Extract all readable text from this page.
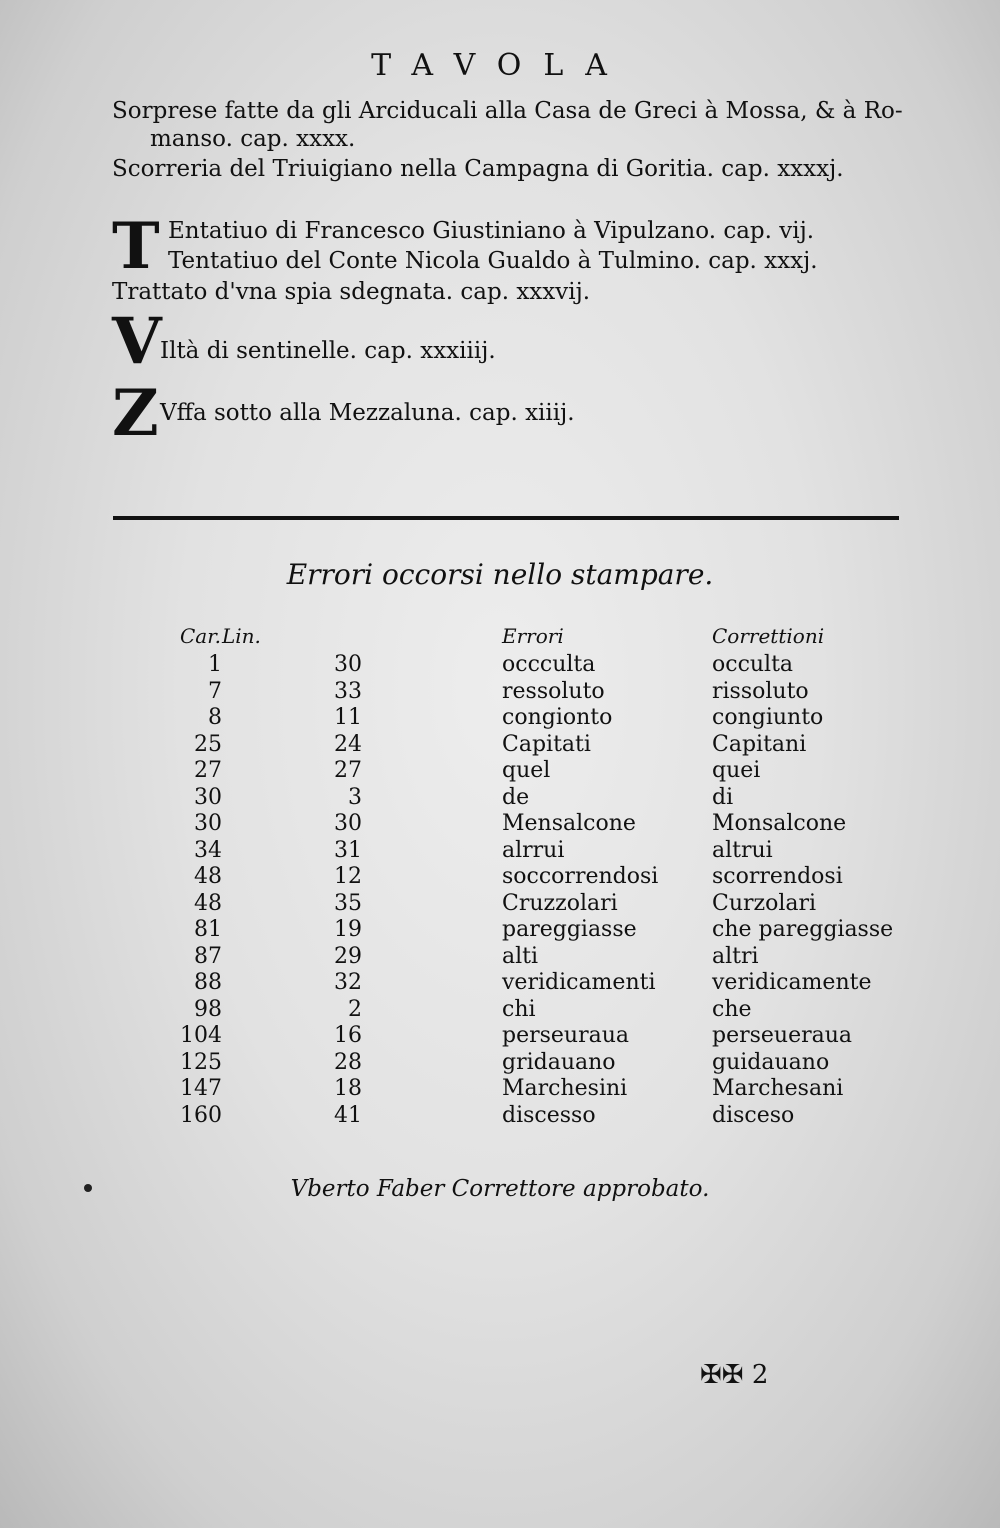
TAVOLA
Sorprese fatte da gli Arciducali alla Casa de Greci à Mossa, & à Ro-
manso. cap. xxxx.
Scorreria del Triuigiano nella Campagna di Goritia. cap. xxxxj.
T Entatiuo di Francesco Giustiniano à Vipulzano. cap. vij.
Tentatiuo del Conte Nicola Gualdo à Tulmino. cap. xxxj.
Trattato d'vna spia sdegnata. cap. xxxvij.
V
Iltà di sentinelle. cap. xxxiiij.
Z Vffa sotto alla Mezzaluna. cap. xiiij.
Errori occorsi nello stampare.
Car.	Lin.		Errori	Correttioni
1	30		occculta	occulta
7	33		ressoluto	rissoluto
8	11		congionto	congiunto
25	24		Capitati	Capitani
27	27		quel	quei
30	3		de	di
30	30		Mensalcone	Monsalcone
34	31		alrrui	altrui
48	12		soccorrendosi	scorrendosi
48	35		Cruzzolari	Curzolari
81	19		pareggiasse	che pareggiasse
87	29		alti	altri
88	32		veridicamenti	veridicamente
98	2		chi	che
104	16		perseuraua	perseueraua
125	28		gridauano	guidauano
147	18		Marchesini	Marchesani
160	41		discesso	disceso
Vberto Faber Correttore approbato.
✠✠ 2
